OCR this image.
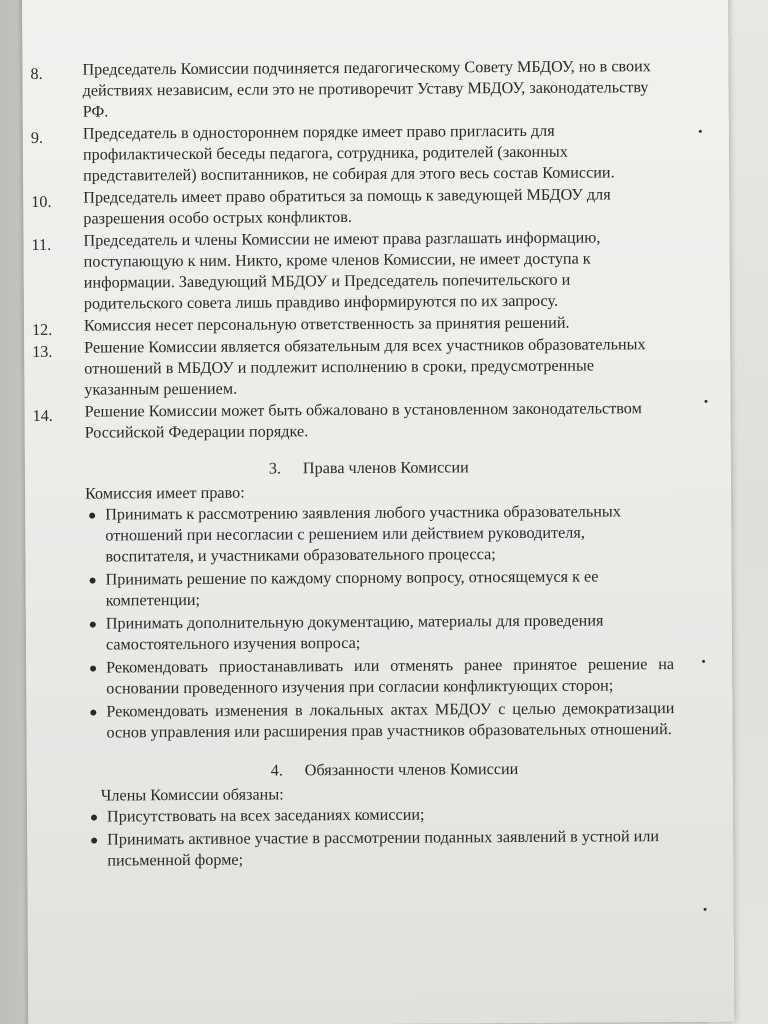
8.	Председатель Комиссии подчиняется педагогическому Совету МБДОУ, но в своих действиях независим, если это не противоречит Уставу МБДОУ, законодательству РФ.
9.	Председатель в одностороннем порядке имеет право пригласить для профилактической беседы педагога, сотрудника, родителей (законных представителей) воспитанников, не собирая для этого весь состав Комиссии.
10.	Председатель имеет право обратиться за помощь к заведующей МБДОУ для разрешения особо острых конфликтов.
11.	Председатель и члены Комиссии не имеют права разглашать информацию, поступающую к ним. Никто, кроме членов Комиссии, не имеет доступа к информации. Заведующий МБДОУ и Председатель попечительского и родительского совета лишь правдиво информируются по их запросу.
12.	Комиссия несет персональную ответственность за принятия решений.
13.	Решение Комиссии является обязательным для всех участников образовательных отношений в МБДОУ и подлежит исполнению в сроки, предусмотренные указанным решением.
14.	Решение Комиссии может быть обжаловано в установленном законодательством Российской Федерации порядке.
3. Права членов Комиссии

Комиссия имеет право:

Принимать к рассмотрению заявления любого участника образовательных отношений при несогласии с решением или действием руководителя, воспитателя, и участниками образовательного процесса;
Принимать решение по каждому спорному вопросу, относящемуся к ее компетенции;
Принимать дополнительную документацию, материалы для проведения самостоятельного изучения вопроса;
Рекомендовать приостанавливать или отменять ранее принятое решение на основании проведенного изучения при согласии конфликтующих сторон;
Рекомендовать изменения в локальных актах МБДОУ с целью демократизации основ управления или расширения прав участников образовательных отношений.
4. Обязанности членов Комиссии

Члены Комиссии обязаны:

Присутствовать на всех заседаниях комиссии;
Принимать активное участие в рассмотрении поданных заявлений в устной или письменной форме;
